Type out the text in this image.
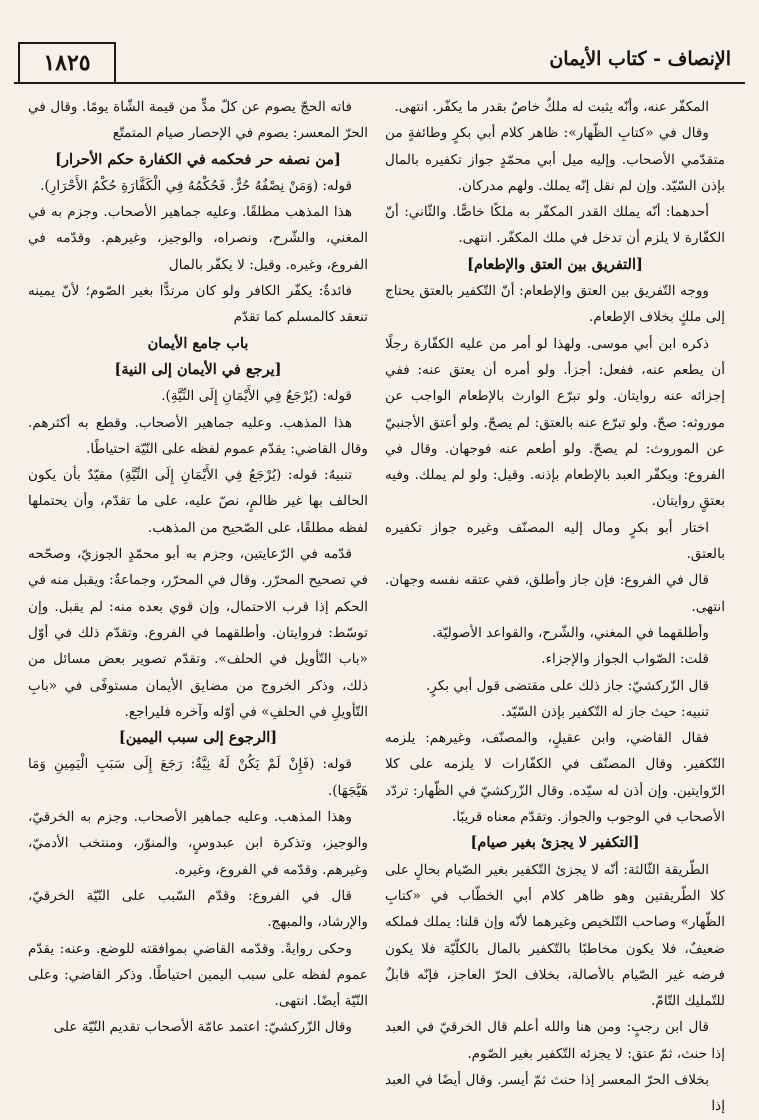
١٨٢٥	الإنصاف - كتاب الأيمان

المكفّر عنه، وأنّه يثبت له ملكٌ خاصٌ بقدر ما يكفّر. انتهى.

وقال في «كتابِ الظّهار»: ظاهر كلام أبي بكرٍ وطائفةٍ من متقدّمي الأصحاب. وإليه ميل أبي محمّدٍ جواز تكفيره بالمال بإذن السّيّد. وإن لم نقل إنّه يملك. ولهم مدركان.

أحدهما: أنّه يملك القدر المكفّر به ملكًا خاصًّا. والثّاني: أنّ الكفّارة لا يلزم أن تدخل في ملك المكفّر. انتهى.

[التفريق بين العتق والإطعام]

ووجه التّفريق بين العتق والإطعام: أنّ التّكفير بالعتق يحتاج إلى ملكٍ بخلاف الإطعام.

ذكره ابن أبي موسى. ولهذا لو أمر من عليه الكفّارة رجلًا أن يطعم عنه، ففعل: أجزأ. ولو أمره أن يعتق عنه: ففي إجزائه عنه روايتان. ولو تبرّع الوارث بالإطعام الواجب عن موروثه: صحّ. ولو تبرّع عنه بالعتق: لم يصحّ. ولو أعتق الأجنبيّ عن الموروث: لم يصحّ. ولو أطعم عنه فوجهان. وقال في الفروع: ويكفّر العبد بالإطعام بإذنه. وقيل: ولو لم يملك. وفيه بعتقٍ روايتان.

اختار أبو بكرٍ ومال إليه المصنّف وغيره جواز تكفيره بالعتق.

قال في الفروع: فإن جاز وأطلق، ففي عتقه نفسه وجهان. انتهى.

وأطلقهما في المغني، والشّرح، والقواعد الأصوليّة.

قلت: الصّواب الجواز والإجزاء.

قال الزّركشيّ: جاز ذلك على مقتضى قول أبي بكرٍ.

تنبيه: حيث جاز له التّكفير بإذن السّيّد.

فقال القاضي، وابن عقيلٍ، والمصنّف، وغيرهم: يلزمه التّكفير. وقال المصنّف في الكفّارات لا يلزمه على كلا الرّوايتين. وإن أذن له سيّده. وقال الزّركشيّ في الظّهار: تردّد الأصحاب في الوجوب والجواز. وتقدّم معناه قريبًا.

[التكفير لا يجزئ بغير صيام]

الطّريقة الثّالثة: أنّه لا يجزئ التّكفير بغير الصّيام بحالٍ على كلا الطّريقتين وهو ظاهر كلام أبي الخطّاب في «كتابِ الظّهار» وصاحب التّلخيص وغيرهما لأنّه وإن قلنا: يملك فملكه ضعيفٌ، فلا يكون مخاطبًا بالتّكفير بالمال بالكلّيّة فلا يكون فرضه غير الصّيام بالأصالة، بخلاف الحرّ العاجز، فإنّه قابلٌ للتّمليك التّامّ.

قال ابن رجبٍ: ومن هنا والله أعلم قال الخرقيّ في العبد إذا حنث، ثمّ عتق: لا يجزئه التّكفير بغير الصّوم.

بخلاف الحرّ المعسر إذا حنث ثمّ أيسر. وقال أيضًا في العبد إذا

فاته الحجّ يصوم عن كلّ مدٍّ من قيمة الشّاة يومًا. وقال في الحرّ المعسر: يصوم في الإحصار صيام المتمتّع

[من نصفه حر فحكمه في الكفارة حكم الأحرار]

قوله: (وَمَنْ نِصْفُهُ حُرٌّ. فَحُكْمُهُ فِي الْكَفَّارَةِ حُكْمُ الأَحْرَارِ).

هذا المذهب مطلقًا. وعليه جماهير الأصحاب. وجزم به في المغني، والشّرح، ونصراه، والوجيز، وغيرهم. وقدّمه في الفروع، وغيره. وقيل: لا يكفّر بالمال

فائدةٌ: يكفّر الكافر ولو كان مرتدًّا بغير الصّوم؛ لأنّ يمينه تنعقد كالمسلم كما تقدّم

باب جامع الأيمان

[يرجع في الأيمان إلى النية]

قوله: (يُرْجَعُ فِي الأَيْمَانِ إِلَى النِّيَّةِ).

هذا المذهب. وعليه جماهير الأصحاب. وقطع به أكثرهم. وقال القاضي: يقدّم عموم لفظه على النّيّة احتياطًا.

تنبيهٌ: قوله: (يُرْجَعُ فِي الأَيْمَانِ إِلَى النِّيَّةِ) مقيّدٌ بأن يكون الحالف بها غير ظالمٍ، نصّ عليه، على ما تقدّم، وأن يحتملها لفظه مطلقًا، على الصّحيح من المذهب.

قدّمه في الرّعايتين، وجزم به أبو محمّدٍ الجوزيّ، وصحّحه في تصحيح المحرّر. وقال في المحرّر، وجماعةٌ: ويقبل منه في الحكم إذا قرب الاحتمال، وإن قوي بعده منه: لم يقبل. وإن توسّط: فروايتان. وأطلقهما في الفروع. وتقدّم ذلك في أوّل «باب التّأويل في الحلف». وتقدّم تصوير بعض مسائل من ذلك، وذكر الخروج من مضايق الأيمان مستوفًى في «بابِ التّأويلِ في الحلفِ» في أوّله وآخره فليراجع.

[الرجوع إلى سبب اليمين]

قوله: (فَإِنْ لَمْ يَكُنْ لَهُ نِيَّةٌ: رَجَعَ إِلَى سَبَبِ الْيَمِينِ وَمَا هَيَّجَهَا).

وهذا المذهب. وعليه جماهير الأصحاب. وجزم به الخرقيّ، والوجيز، وتذكرة ابن عبدوسٍ، والمنوّر، ومنتخب الأدميّ، وغيرهم. وقدّمه في الفروع، وغيره.

قال في الفروع: وقدّم السّبب على النّيّة الخرقيّ، والإرشاد، والمبهج.

وحكى روايةً. وقدّمه القاضي بموافقته للوضع. وعنه: يقدّم عموم لفظه على سبب اليمين احتياطًا. وذكر القاضي: وعلى النّيّة أيضًا. انتهى.

وقال الزّركشيّ: اعتمد عامّة الأصحاب تقديم النّيّة على
